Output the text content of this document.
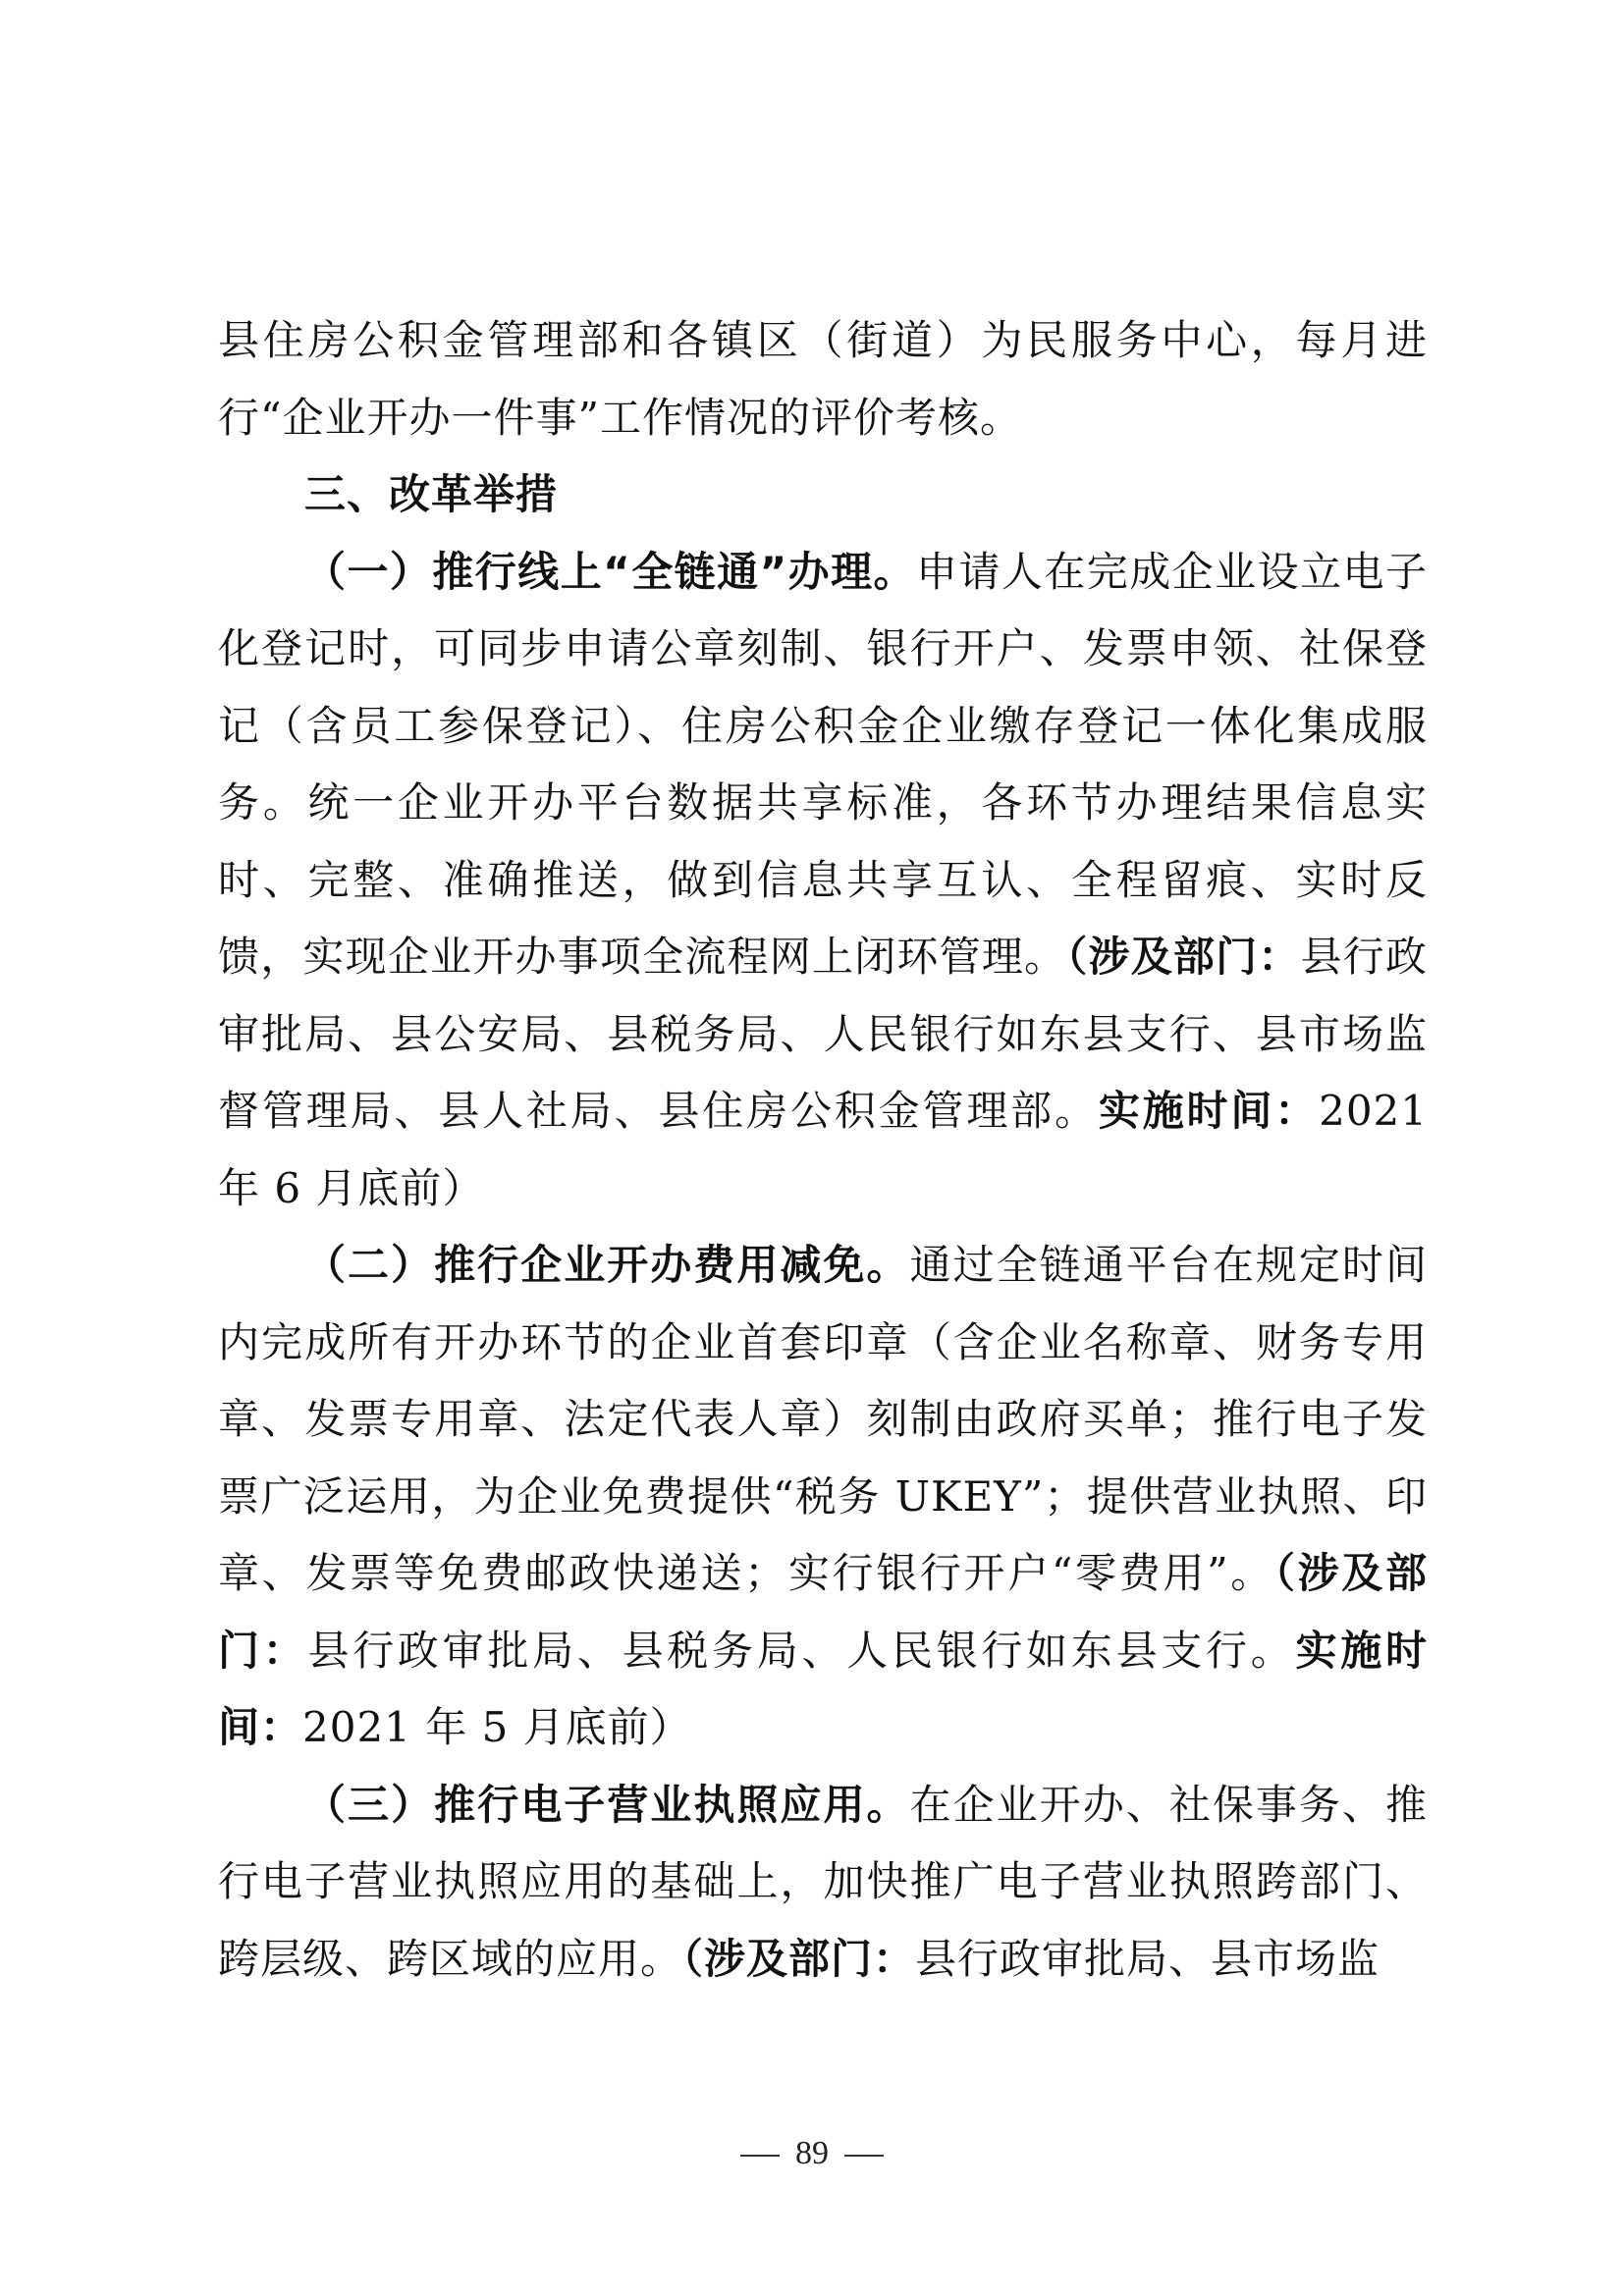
县住房公积金管理部和各镇区（街道）为民服务中心，每月进行“企业开办一件事”工作情况的评价考核。

三、改革举措

（一）推行线上“全链通”办理。申请人在完成企业设立电子化登记时，可同步申请公章刻制、银行开户、发票申领、社保登记（含员工参保登记）、住房公积金企业缴存登记一体化集成服务。统一企业开办平台数据共享标准，各环节办理结果信息实时、完整、准确推送，做到信息共享互认、全程留痕、实时反馈，实现企业开办事项全流程网上闭环管理。（涉及部门：县行政审批局、县公安局、县税务局、人民银行如东县支行、县市场监督管理局、县人社局、县住房公积金管理部。实施时间：2021 年 6 月底前）

（二）推行企业开办费用减免。通过全链通平台在规定时间内完成所有开办环节的企业首套印章（含企业名称章、财务专用章、发票专用章、法定代表人章）刻制由政府买单；推行电子发票广泛运用，为企业免费提供“税务 UKEY”；提供营业执照、印章、发票等免费邮政快递送；实行银行开户“零费用”。（涉及部门：县行政审批局、县税务局、人民银行如东县支行。实施时间：2021 年 5 月底前）

（三）推行电子营业执照应用。在企业开办、社保事务、推行电子营业执照应用的基础上，加快推广电子营业执照跨部门、跨层级、跨区域的应用。（涉及部门：县行政审批局、县市场监

89
